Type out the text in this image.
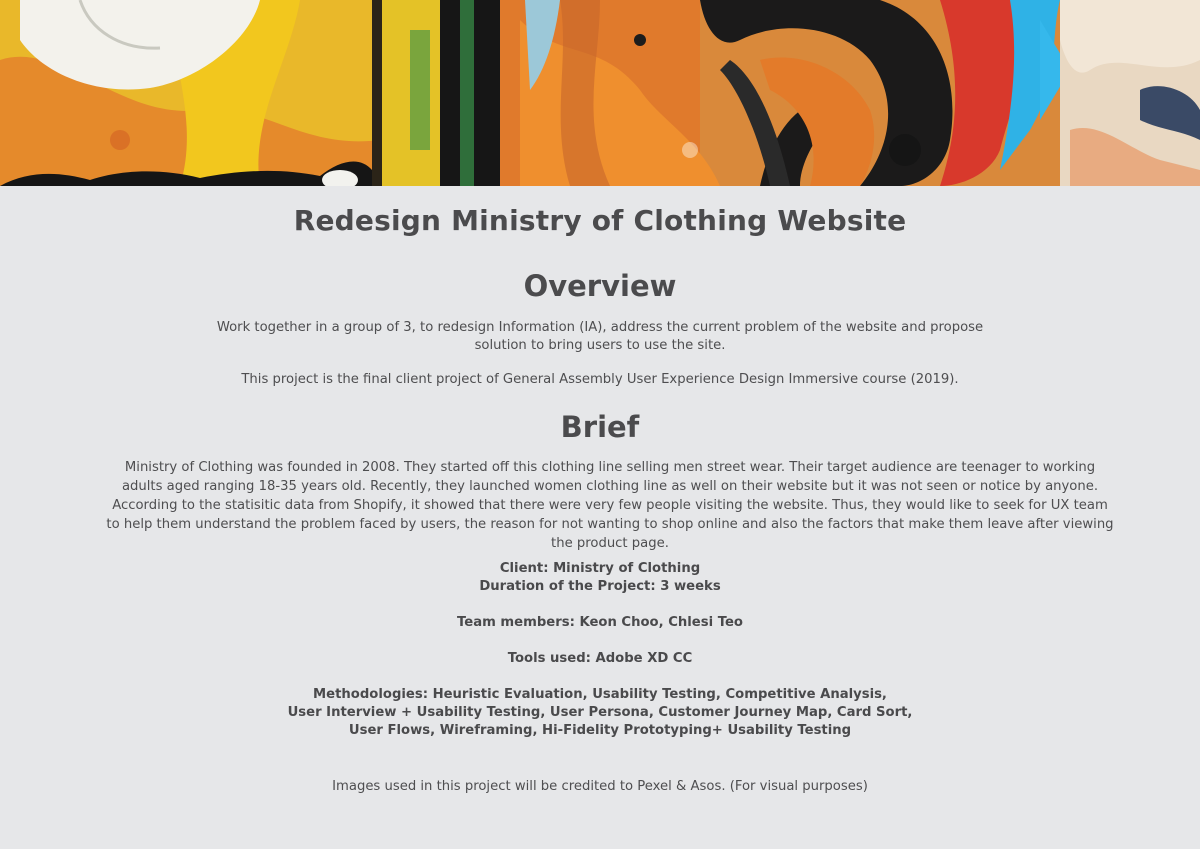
Redesign Ministry of Clothing Website
Overview

Work together in a group of 3, to redesign Information (IA), address the current problem of the website and propose solution to bring users to use the site.

This project is the final client project of General Assembly User Experience Design Immersive course (2019).

Brief

Ministry of Clothing was founded in 2008. They started off this clothing line selling men street wear. Their target audience are teenager to working adults aged ranging 18-35 years old. Recently, they launched women clothing line as well on their website but it was not seen or notice by anyone. According to the statisitic data from Shopify, it showed that there were very few people visiting the website. Thus, they would like to seek for UX team to help them understand the problem faced by users, the reason for not wanting to shop online and also the factors that make them leave after viewing the product page.

Client: Ministry of Clothing
Duration of the Project: 3 weeks
Team members: Keon Choo, Chlesi Teo
Tools used: Adobe XD CC
Methodologies: Heuristic Evaluation, Usability Testing, Competitive Analysis,
User Interview + Usability Testing, User Persona, Customer Journey Map, Card Sort,
User Flows, Wireframing, Hi-Fidelity Prototyping+ Usability Testing

Images used in this project will be credited to Pexel & Asos. (For visual purposes)
